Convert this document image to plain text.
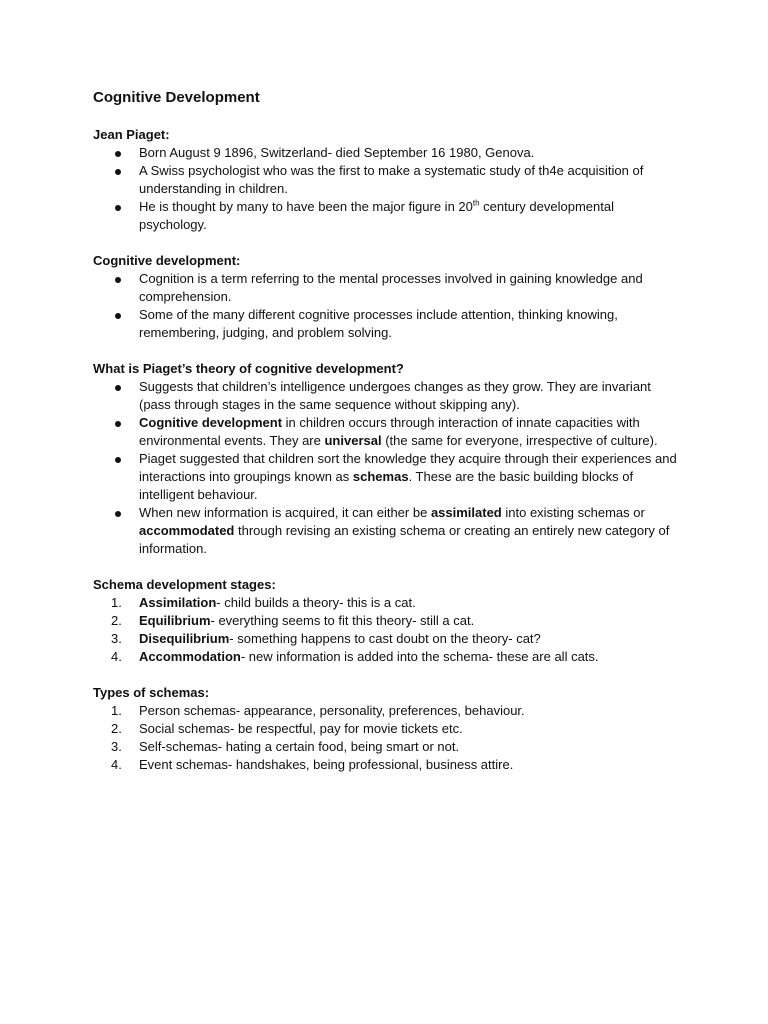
Cognitive Development

Jean Piaget:

Born August 9 1896, Switzerland- died September 16 1980, Genova.
A Swiss psychologist who was the first to make a systematic study of th4e acquisition of understanding in children.
He is thought by many to have been the major figure in 20th century developmental psychology.

Cognitive development:

Cognition is a term referring to the mental processes involved in gaining knowledge and comprehension.
Some of the many different cognitive processes include attention, thinking knowing, remembering, judging, and problem solving.

What is Piaget’s theory of cognitive development?

Suggests that children’s intelligence undergoes changes as they grow. They are invariant (pass through stages in the same sequence without skipping any).
Cognitive development in children occurs through interaction of innate capacities with environmental events. They are universal (the same for everyone, irrespective of culture).
Piaget suggested that children sort the knowledge they acquire through their experiences and interactions into groupings known as schemas. These are the basic building blocks of intelligent behaviour.
When new information is acquired, it can either be assimilated into existing schemas or accommodated through revising an existing schema or creating an entirely new category of information.

Schema development stages:

1.	Assimilation- child builds a theory- this is a cat.
2.	Equilibrium- everything seems to fit this theory- still a cat.
3.	Disequilibrium- something happens to cast doubt on the theory- cat?
4.	Accommodation- new information is added into the schema- these are all cats.

Types of schemas:

1.	Person schemas- appearance, personality, preferences, behaviour.
2.	Social schemas- be respectful, pay for movie tickets etc.
3.	Self-schemas- hating a certain food, being smart or not.
4.	Event schemas- handshakes, being professional, business attire.
